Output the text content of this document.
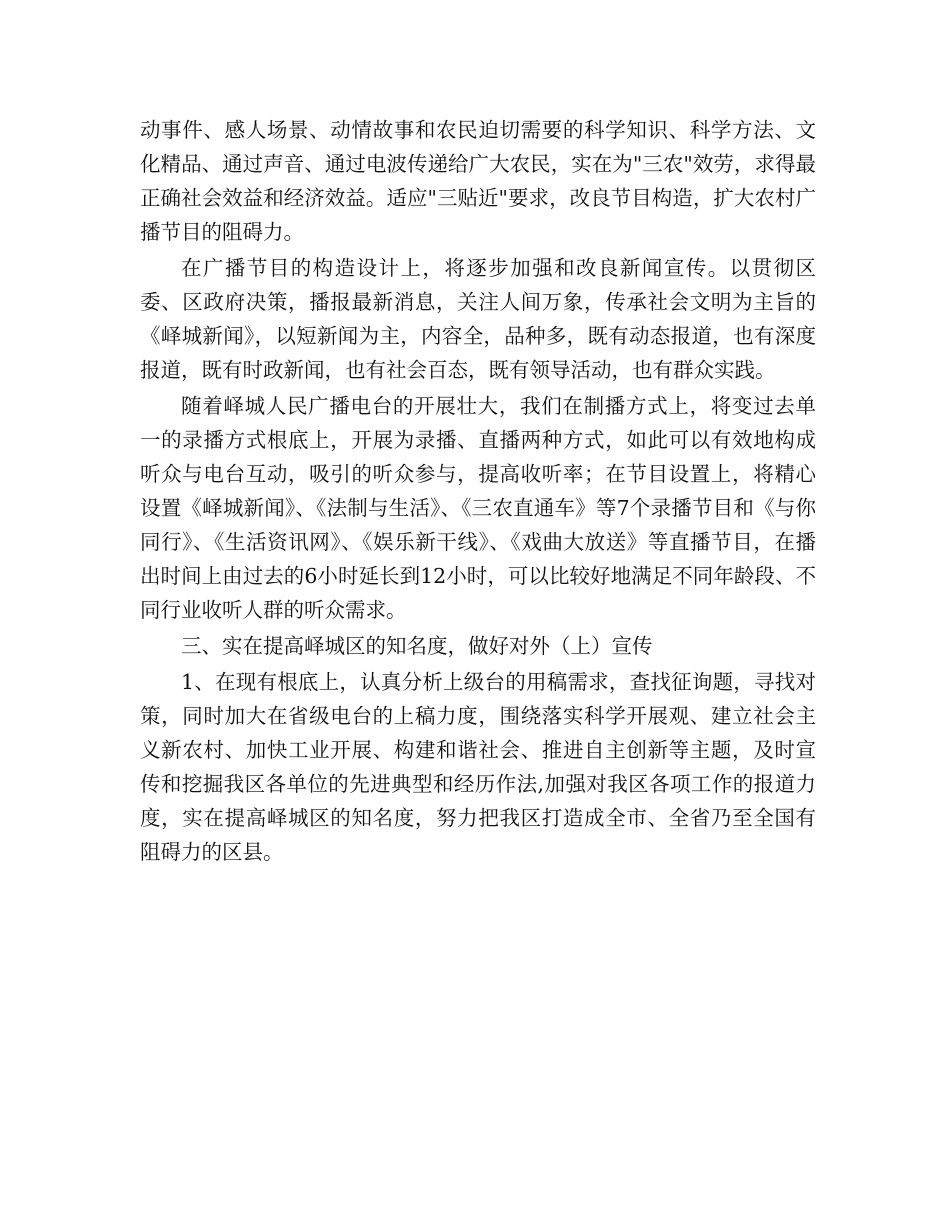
动事件、感人场景、动情故事和农民迫切需要的科学知识、科学方法、文化精品、通过声音、通过电波传递给广大农民，实在为"三农"效劳，求得最正确社会效益和经济效益。适应"三贴近"要求，改良节目构造，扩大农村广播节目的阻碍力。

在广播节目的构造设计上，将逐步加强和改良新闻宣传。以贯彻区委、区政府决策，播报最新消息，关注人间万象，传承社会文明为主旨的《峄城新闻》，以短新闻为主，内容全，品种多，既有动态报道，也有深度报道，既有时政新闻，也有社会百态，既有领导活动，也有群众实践。

随着峄城人民广播电台的开展壮大，我们在制播方式上，将变过去单一的录播方式根底上，开展为录播、直播两种方式，如此可以有效地构成听众与电台互动，吸引的听众参与，提高收听率；在节目设置上，将精心设置《峄城新闻》、《法制与生活》、《三农直通车》等7个录播节目和《与你同行》、《生活资讯网》、《娱乐新干线》、《戏曲大放送》等直播节目，在播出时间上由过去的6小时延长到12小时，可以比较好地满足不同年龄段、不同行业收听人群的听众需求。

三、实在提高峄城区的知名度，做好对外（上）宣传

1、在现有根底上，认真分析上级台的用稿需求，查找征询题，寻找对策，同时加大在省级电台的上稿力度，围绕落实科学开展观、建立社会主义新农村、加快工业开展、构建和谐社会、推进自主创新等主题，及时宣传和挖掘我区各单位的先进典型和经历作法,加强对我区各项工作的报道力度，实在提高峄城区的知名度，努力把我区打造成全市、全省乃至全国有阻碍力的区县。
